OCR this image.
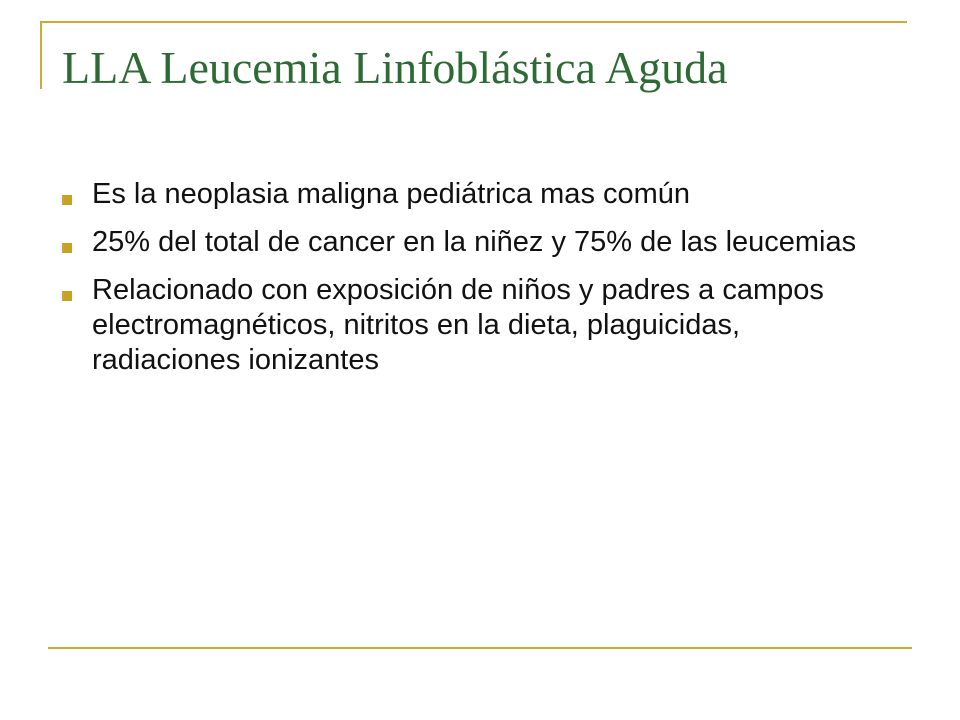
LLA Leucemia Linfoblástica Aguda
Es la neoplasia maligna pediátrica mas común
25% del total de cancer en la niñez y 75% de las leucemias
Relacionado con exposición de niños y padres a campos electromagnéticos, nitritos en la dieta, plaguicidas, radiaciones ionizantes
